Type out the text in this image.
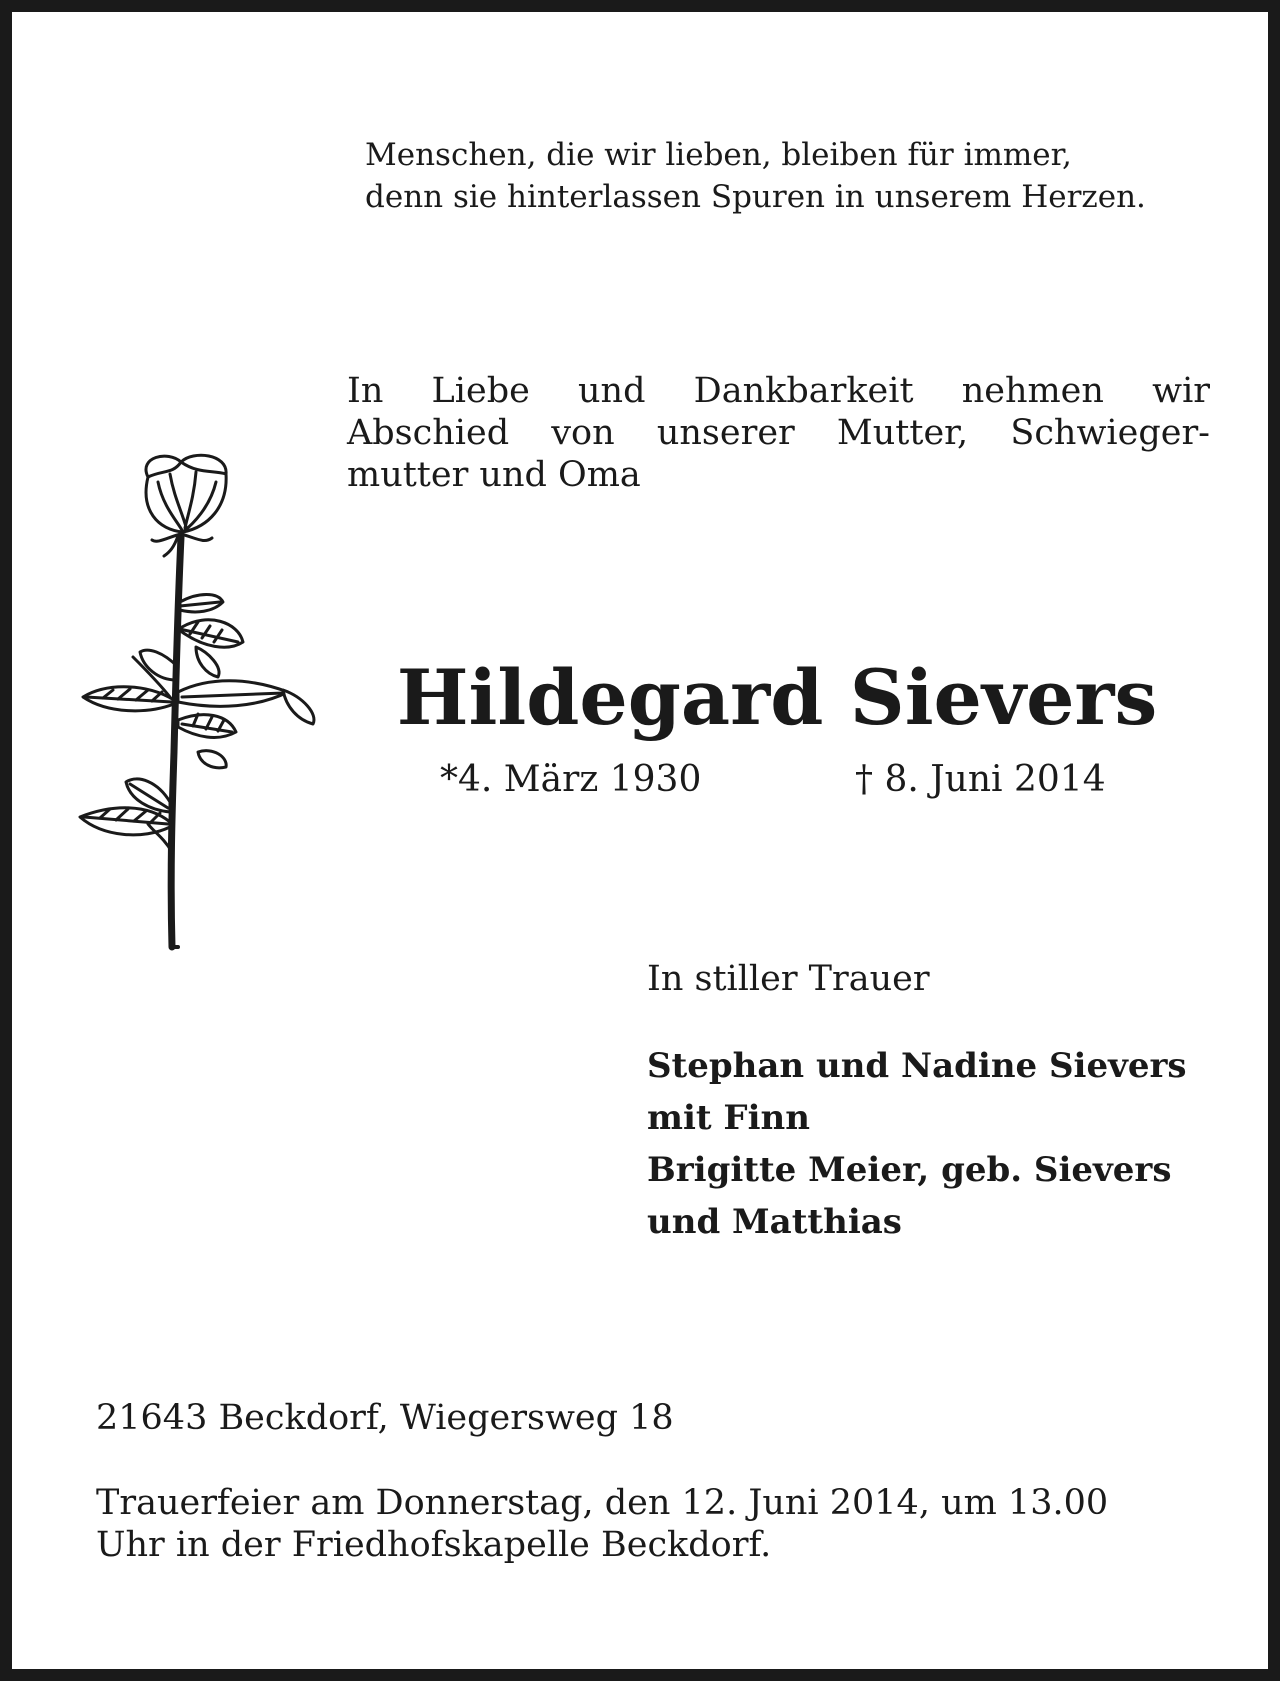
Menschen, die wir lieben, bleiben für immer,
denn sie hinterlassen Spuren in unserem Herzen.
In Liebe und Dankbarkeit nehmen wir
Abschied von unserer Mutter, Schwieger-
mutter und Oma
Hildegard Sievers
*4. März 1930	† 8. Juni 2014
In stiller Trauer
Stephan und Nadine Sievers
mit Finn
Brigitte Meier, geb. Sievers
und Matthias
21643 Beckdorf, Wiegersweg 18
Trauerfeier am Donnerstag, den 12. Juni 2014, um 13.00
Uhr in der Friedhofskapelle Beckdorf.
